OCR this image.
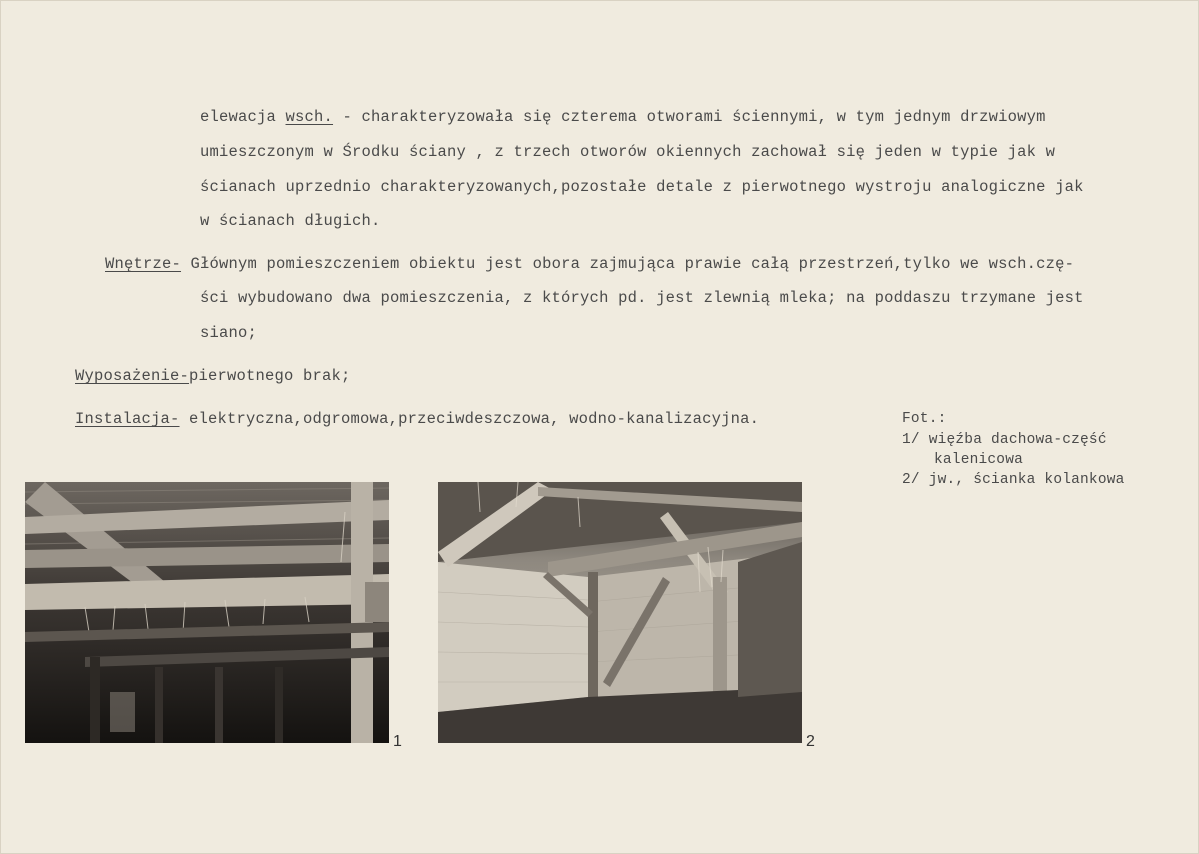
elewacja wsch. - charakteryzowała się czterema otworami ściennymi, w tym jednym drzwiowym
umieszczonym w Środku ściany , z trzech otworów okiennych zachował się jeden w typie jak w
ścianach uprzednio charakteryzowanych,pozostałe detale z pierwotnego wystroju analogiczne jak
w ścianach długich.
Wnętrze- Głównym pomieszczeniem obiektu jest obora zajmująca prawie całą przestrzeń,tylko we wsch.czę-
ści wybudowano dwa pomieszczenia, z których pd. jest zlewnią mleka; na poddaszu trzymane jest
siano;
Wyposażenie-pierwotnego brak;
Instalacja- elektryczna,odgromowa,przeciwdeszczowa, wodno-kanalizacyjna.	Fot.:
1/ więźba dachowa-część
kalenicowa
2/ jw., ścianka kolankowa
1	2
